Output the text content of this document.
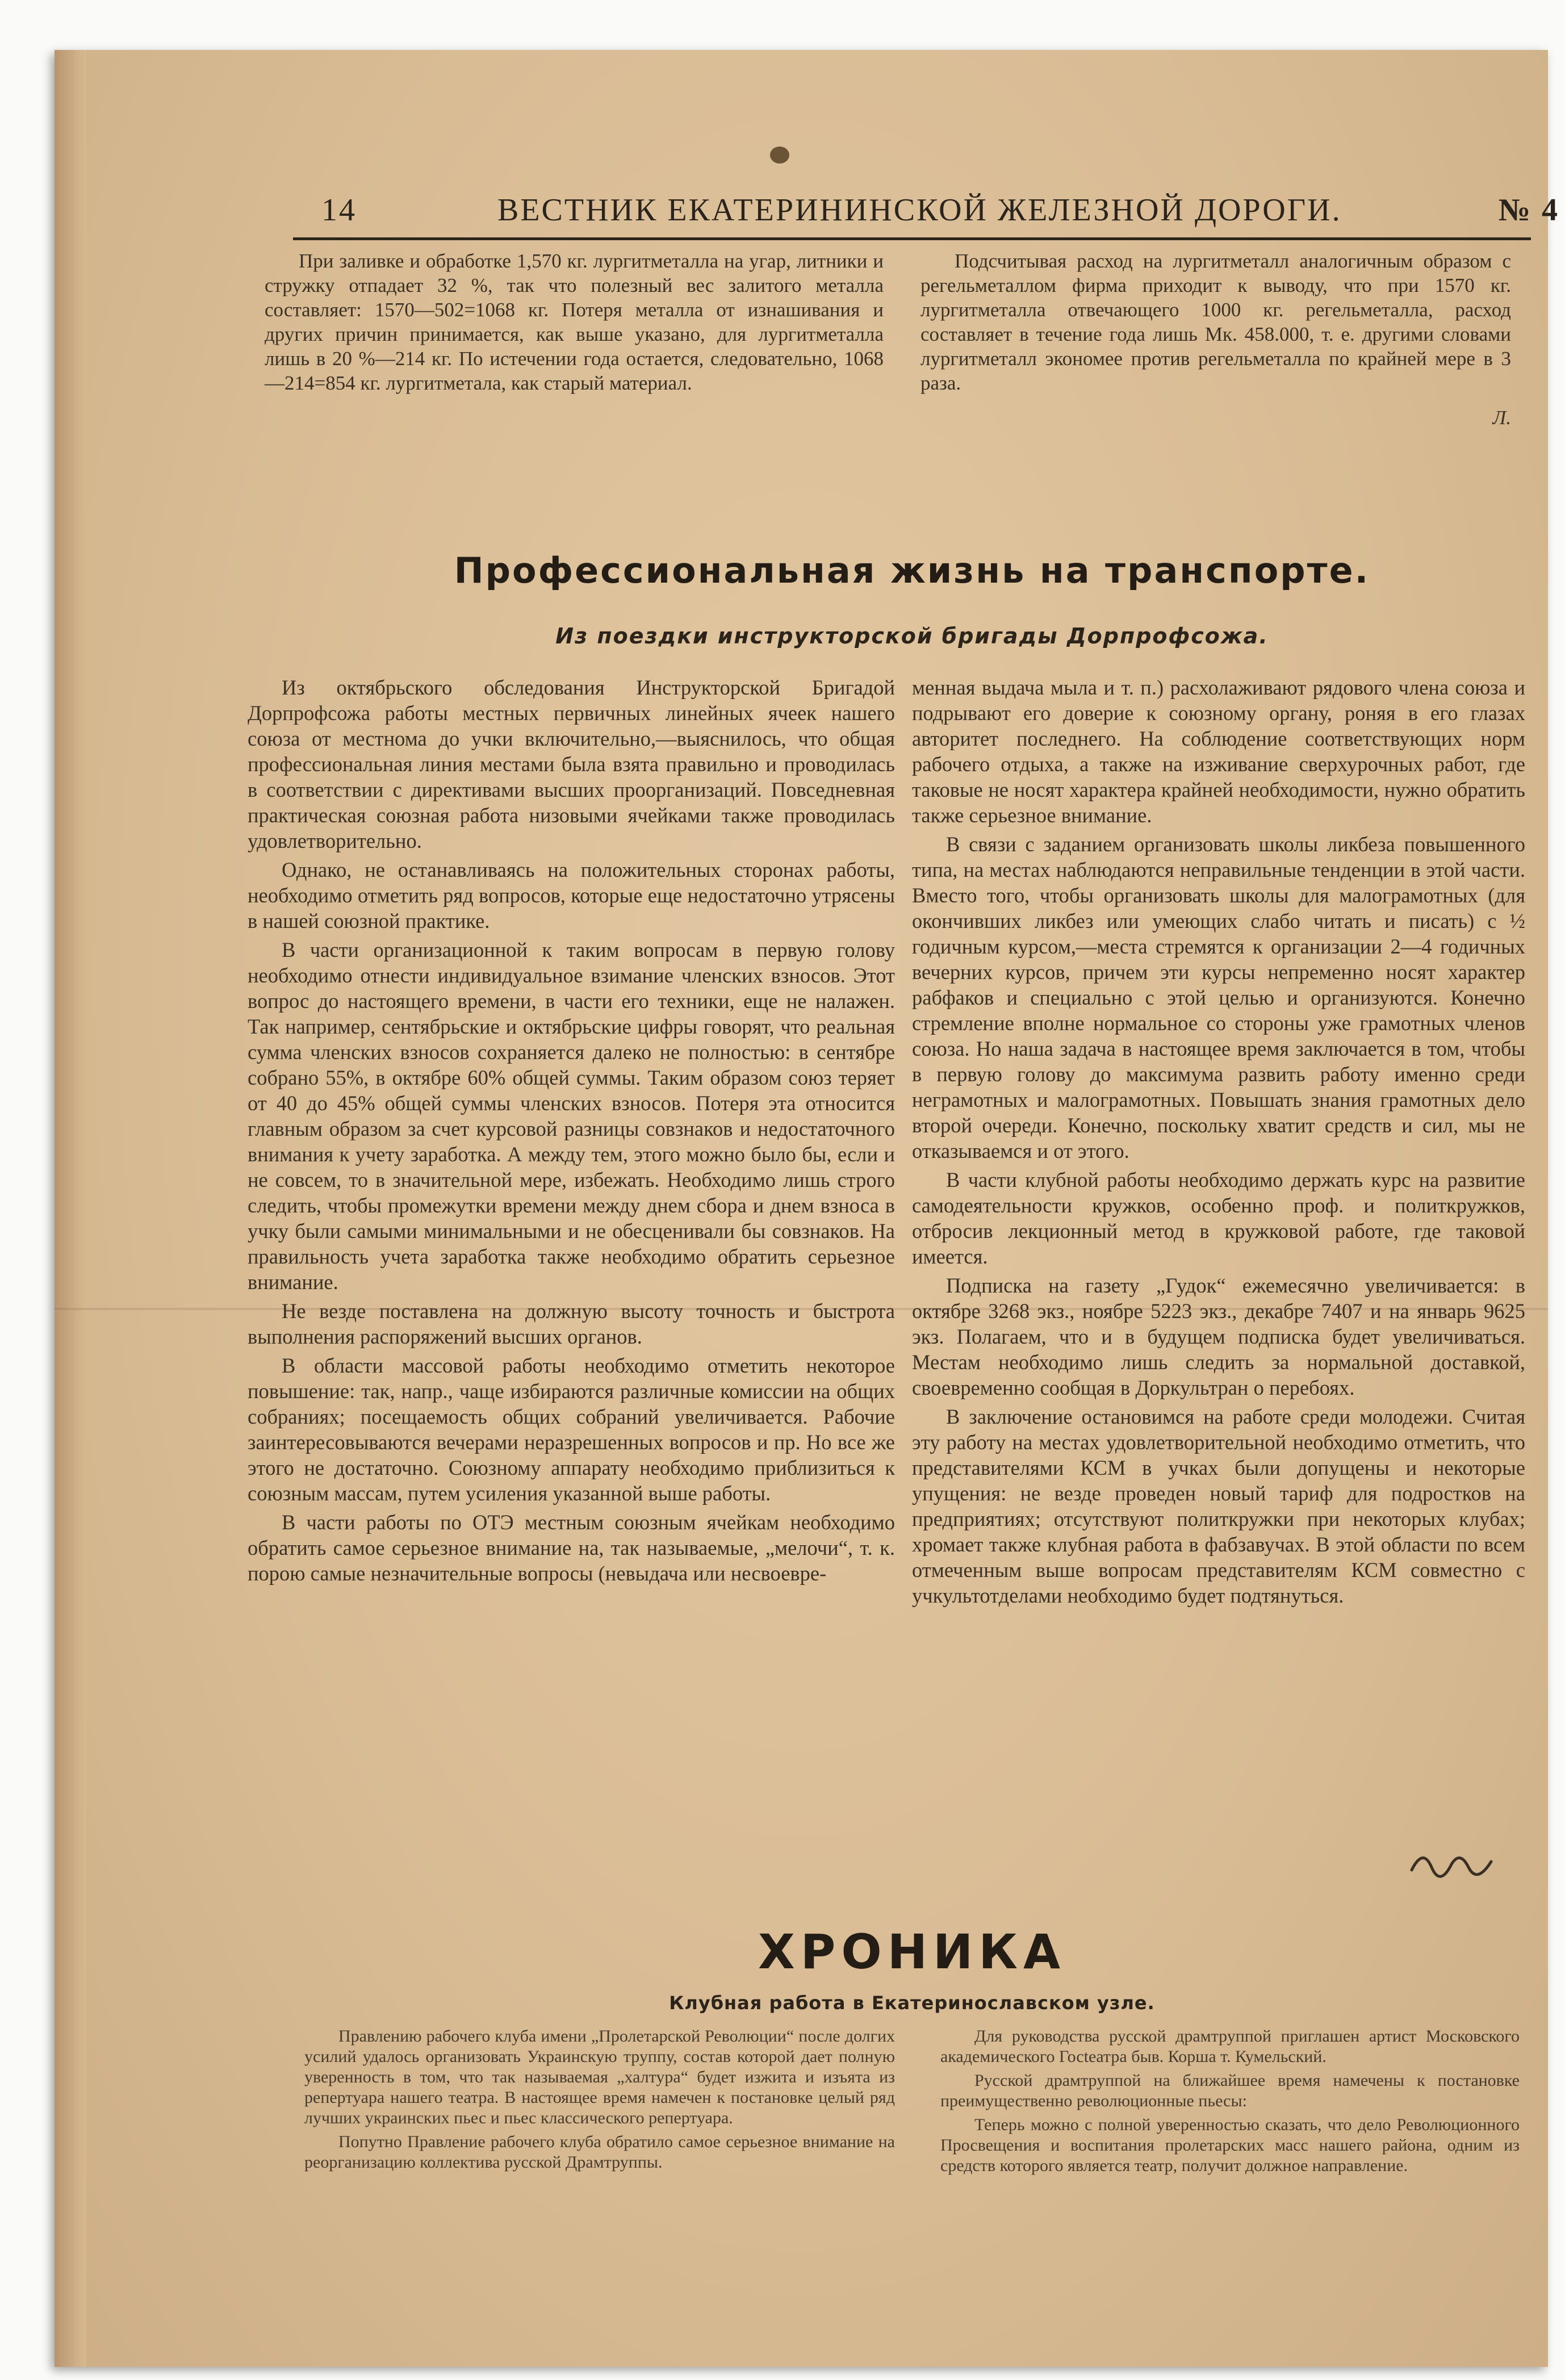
14	ВЕСТНИК ЕКАТЕРИНИНСКОЙ ЖЕЛЕЗНОЙ ДОРОГИ.	№ 4

При заливке и обработке 1,570 кг. лургитметалла на угар, литники и стружку отпадает 32 %, так что полезный вес залитого металла составляет: 1570—502=1068 кг. Потеря металла от изнашивания и других причин принимается, как выше указано, для лургитметалла лишь в 20 %—214 кг. По истечении года остается, следовательно, 1068—214=854 кг. лургитметала, как старый материал.

Подсчитывая расход на лургитметалл аналогичным образом с регельметаллом фирма приходит к выводу, что при 1570 кг. лургитметалла отвечающего 1000 кг. регельметалла, расход составляет в течение года лишь Мк. 458.000, т. е. другими словами лургитметалл экономее против регельметалла по крайней мере в 3 раза.

Л.
Профессиональная жизнь на транспорте.
Из поездки инструкторской бригады Дорпрофсожа.

Из октябрьского обследования Инструкторской Бригадой Дорпрофсожа работы местных первичных линейных ячеек нашего союза от местнома до учки включительно,—выяснилось, что общая профессиональная линия местами была взята правильно и проводилась в соответствии с директивами высших проорганизаций. Повседневная практическая союзная работа низовыми ячейками также проводилась удовлетворительно.

Однако, не останавливаясь на положительных сторонах работы, необходимо отметить ряд вопросов, которые еще недостаточно утрясены в нашей союзной практике.

В части организационной к таким вопросам в первую голову необходимо отнести индивидуальное взимание членских взносов. Этот вопрос до настоящего времени, в части его техники, еще не налажен. Так например, сентябрьские и октябрьские цифры говорят, что реальная сумма членских взносов сохраняется далеко не полностью: в сентябре собрано 55%, в октябре 60% общей суммы. Таким образом союз теряет от 40 до 45% общей суммы членских взносов. Потеря эта относится главным образом за счет курсовой разницы совзнаков и недостаточного внимания к учету заработка. А между тем, этого можно было бы, если и не совсем, то в значительной мере, избежать. Необходимо лишь строго следить, чтобы промежутки времени между днем сбора и днем взноса в учку были самыми минимальными и не обесценивали бы совзнаков. На правильность учета заработка также необходимо обратить серьезное внимание.

Не везде поставлена на должную высоту точность и быстрота выполнения распоряжений высших органов.

В области массовой работы необходимо отметить некоторое повышение: так, напр., чаще избираются различные комиссии на общих собраниях; посещаемость общих собраний увеличивается. Рабочие заинтересовываются вечерами неразрешенных вопросов и пр. Но все же этого не достаточно. Союзному аппарату необходимо приблизиться к союзным массам, путем усиления указанной выше работы.

В части работы по ОТЭ местным союзным ячейкам необходимо обратить самое серьезное внимание на, так называемые, „мелочи“, т. к. порою самые незначительные вопросы (невыдача или несвоевре-

менная выдача мыла и т. п.) расхолаживают рядового члена союза и подрывают его доверие к союзному органу, роняя в его глазах авторитет последнего. На соблюдение соответствующих норм рабочего отдыха, а также на изживание сверхурочных работ, где таковые не носят характера крайней необходимости, нужно обратить также серьезное внимание.

В связи с заданием организовать школы ликбеза повышенного типа, на местах наблюдаются неправильные тенденции в этой части. Вместо того, чтобы организовать школы для малограмотных (для окончивших ликбез или умеющих слабо читать и писать) с ½ годичным курсом,—места стремятся к организации 2—4 годичных вечерних курсов, причем эти курсы непременно носят характер рабфаков и специально с этой целью и организуются. Конечно стремление вполне нормальное со стороны уже грамотных членов союза. Но наша задача в настоящее время заключается в том, чтобы в первую голову до максимума развить работу именно среди неграмотных и малограмотных. Повышать знания грамотных дело второй очереди. Конечно, поскольку хватит средств и сил, мы не отказываемся и от этого.

В части клубной работы необходимо держать курс на развитие самодеятельности кружков, особенно проф. и политкружков, отбросив лекционный метод в кружковой работе, где таковой имеется.

Подписка на газету „Гудок“ ежемесячно увеличивается: в октябре 3268 экз., ноябре 5223 экз., декабре 7407 и на январь 9625 экз. Полагаем, что и в будущем подписка будет увеличиваться. Местам необходимо лишь следить за нормальной доставкой, своевременно сообщая в Доркультран о перебоях.

В заключение остановимся на работе среди молодежи. Считая эту работу на местах удовлетворительной необходимо отметить, что представителями КСМ в учках были допущены и некоторые упущения: не везде проведен новый тариф для подростков на предприятиях; отсутствуют политкружки при некоторых клубах; хромает также клубная работа в фабзавучах. В этой области по всем отмеченным выше вопросам представителям КСМ совместно с учкультотделами необходимо будет подтянуться.

ХРОНИКА
Клубная работа в Екатеринославском узле.

Правлению рабочего клуба имени „Пролетарской Революции“ после долгих усилий удалось организовать Украинскую труппу, состав которой дает полную уверенность в том, что так называемая „халтура“ будет изжита и изъята из репертуара нашего театра. В настоящее время намечен к постановке целый ряд лучших украинских пьес и пьес классического репертуара.

Попутно Правление рабочего клуба обратило самое серьезное внимание на реорганизацию коллектива русской Драмтруппы.

Для руководства русской драмтруппой приглашен артист Московского академического Госteатра быв. Корша т. Кумельский.

Русской драмтруппой на ближайшее время намечены к постановке преимущественно революционные пьесы:

Теперь можно с полной уверенностью сказать, что дело Революционного Просвещения и воспитания пролетарских масс нашего района, одним из средств которого является театр, получит должное направление.
